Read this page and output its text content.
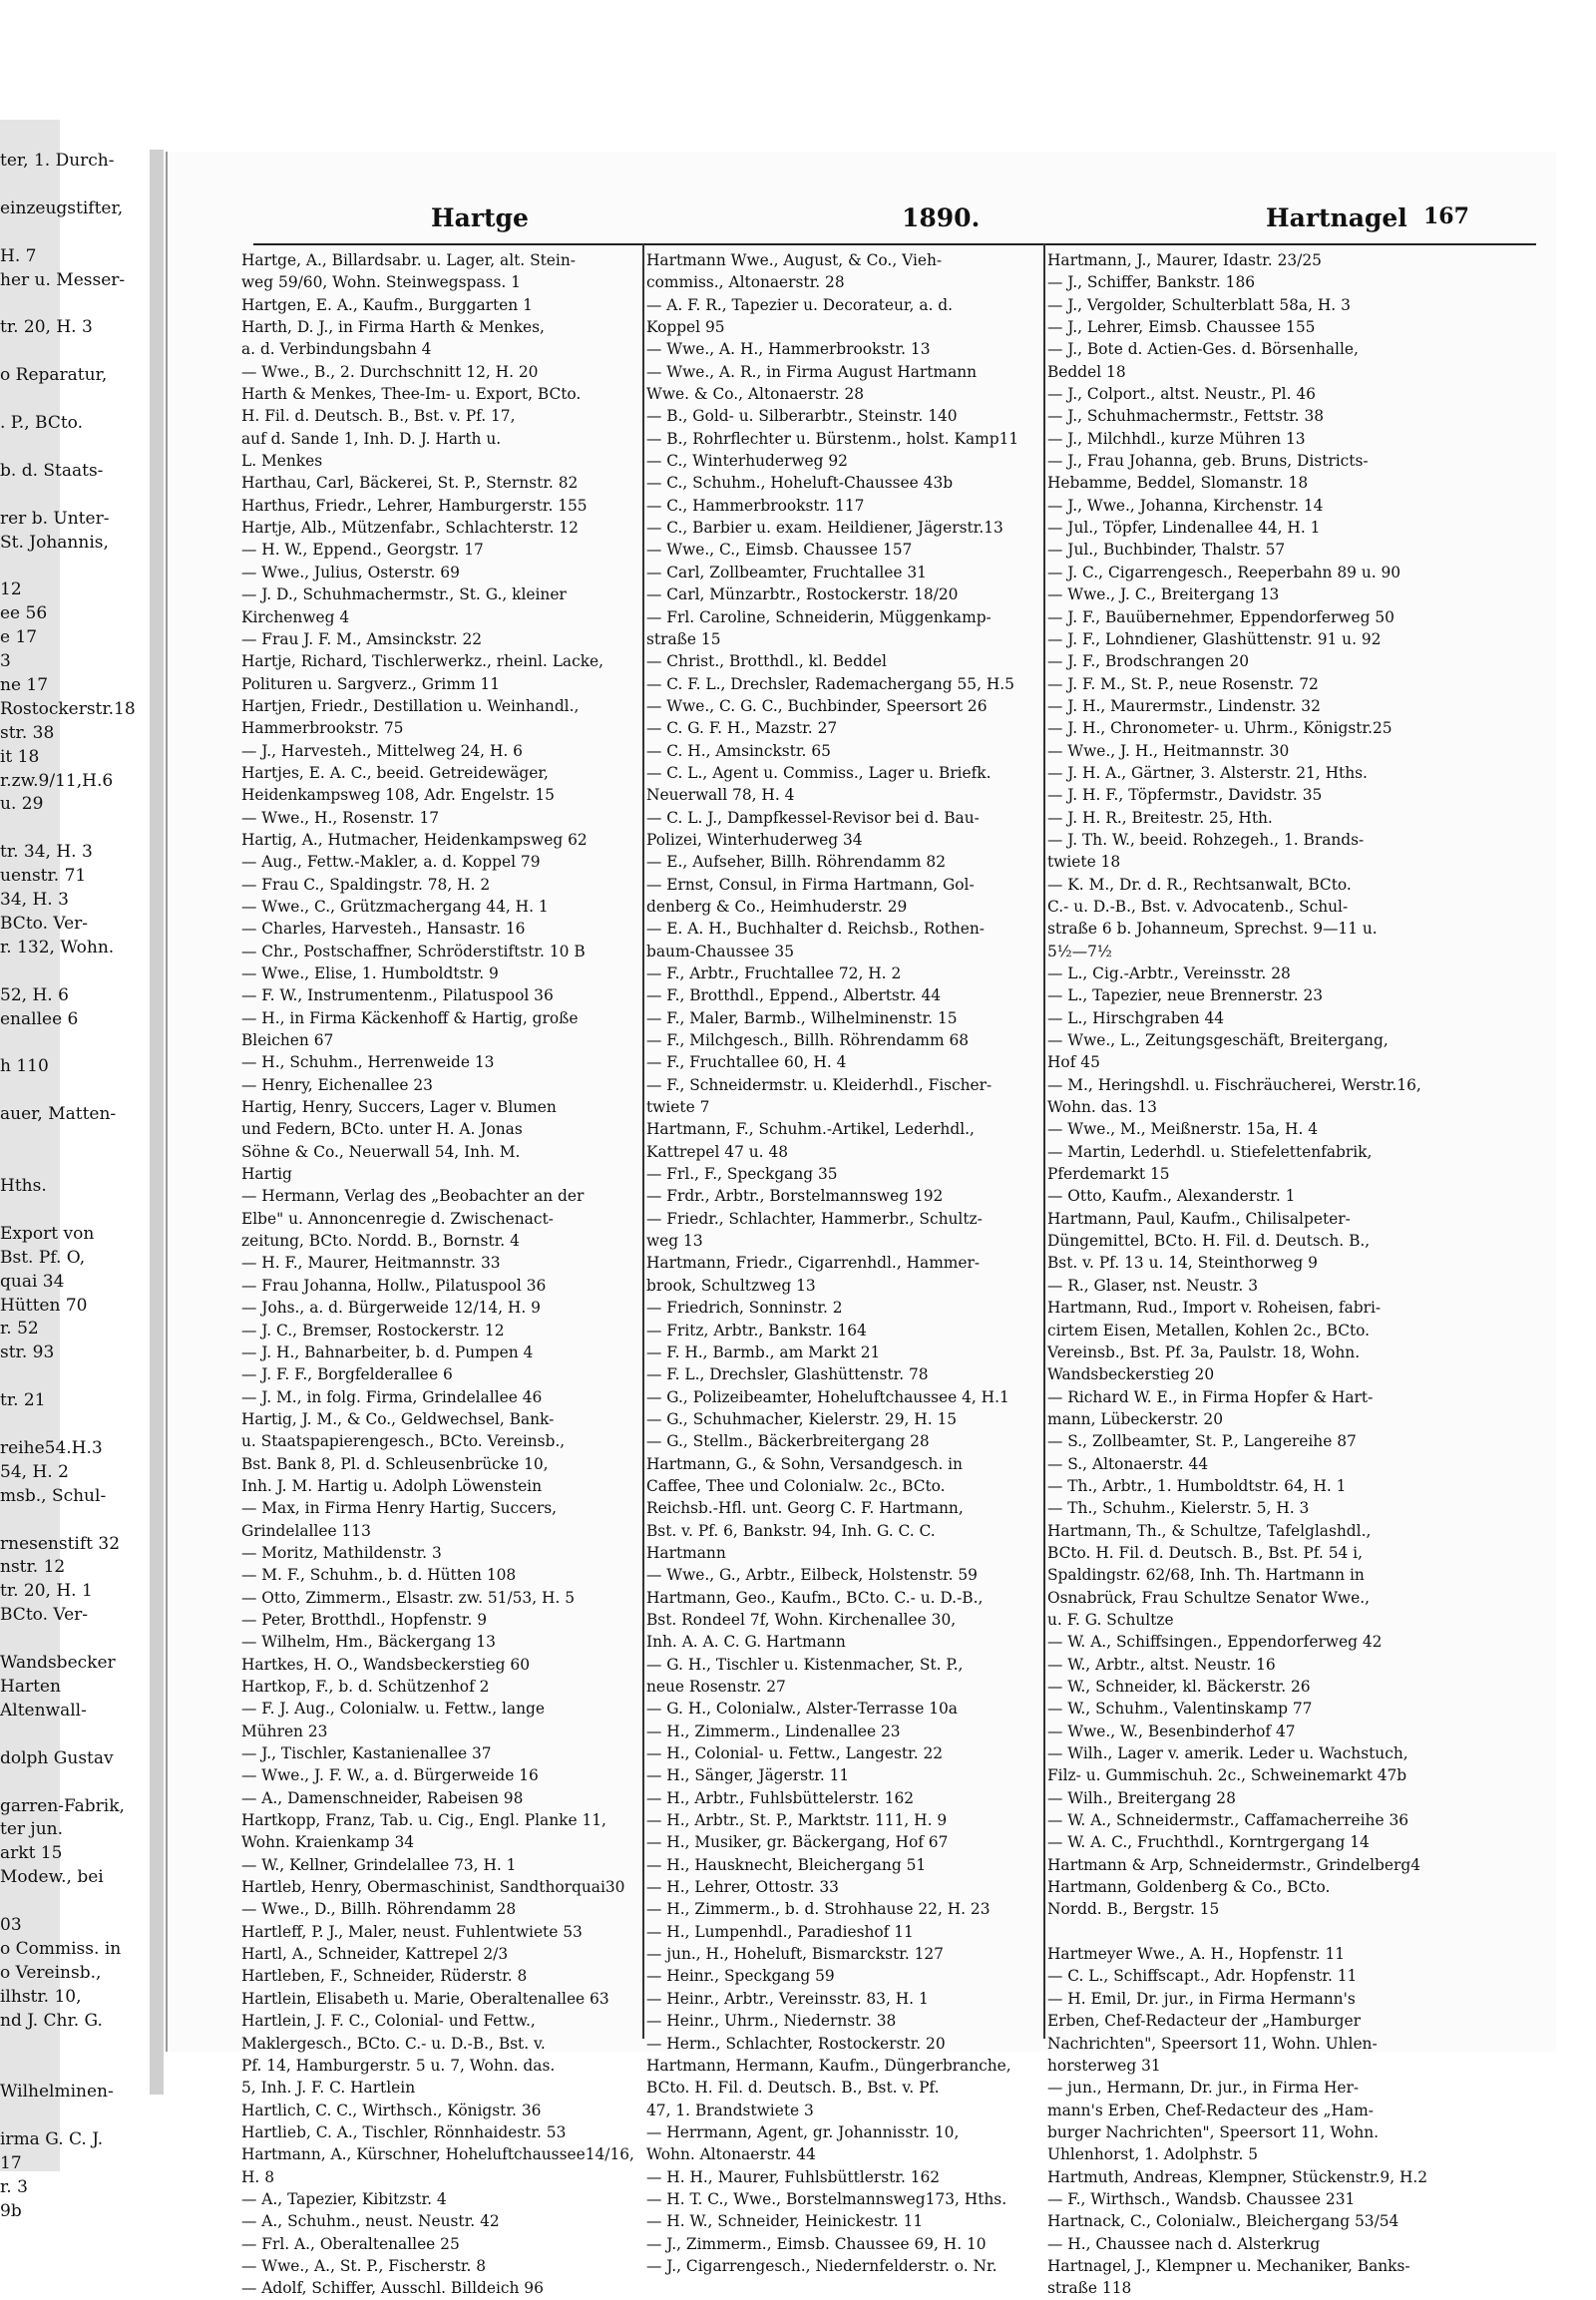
ter, 1. Durch-

einzeugstifter,

H. 7
her u. Messer-

tr. 20, H. 3

o Reparatur,

. P., BCto.

b. d. Staats-

rer b. Unter-
St. Johannis,

12
ee 56
e 17
3
ne 17
Rostockerstr.18
str. 38
it 18
r.zw.9/11,H.6
u. 29

tr. 34, H. 3
uenstr. 71
34, H. 3
BCto. Ver-
r. 132, Wohn.

52, H. 6
enallee 6

h 110

auer, Matten-

Hths.

Export von
Bst. Pf. O,
quai 34
Hütten 70
r. 52
str. 93

tr. 21

reihe54.H.3
54, H. 2
msb., Schul-

rnesenstift 32
nstr. 12
tr. 20, H. 1
BCto. Ver-

Wandsbecker
Harten
Altenwall-

dolph Gustav

garren-Fabrik,
ter jun.
arkt 15
Modew., bei

03
o Commiss. in
o Vereinsb.,
ilhstr. 10,
nd J. Chr. G.

Wilhelminen-

irma G. C. J.
17
r. 3
9b
Hartge	1890.	Hartnagel 167
Hartge, A., Billardsabr. u. Lager, alt. Stein-
weg 59/60, Wohn. Steinwegspass. 1
Hartgen, E. A., Kaufm., Burggarten 1
Harth, D. J., in Firma Harth & Menkes,
a. d. Verbindungsbahn 4
— Wwe., B., 2. Durchschnitt 12, H. 20
Harth & Menkes, Thee-Im- u. Export, BCto.
H. Fil. d. Deutsch. B., Bst. v. Pf. 17,
auf d. Sande 1, Inh. D. J. Harth u.
L. Menkes
Harthau, Carl, Bäckerei, St. P., Sternstr. 82
Harthus, Friedr., Lehrer, Hamburgerstr. 155
Hartje, Alb., Mützenfabr., Schlachterstr. 12
— H. W., Eppend., Georgstr. 17
— Wwe., Julius, Osterstr. 69
— J. D., Schuhmachermstr., St. G., kleiner
Kirchenweg 4
— Frau J. F. M., Amsinckstr. 22
Hartje, Richard, Tischlerwerkz., rheinl. Lacke,
Polituren u. Sargverz., Grimm 11
Hartjen, Friedr., Destillation u. Weinhandl.,
Hammerbrookstr. 75
— J., Harvestеh., Mittelweg 24, H. 6
Hartjes, E. A. C., beeid. Getreidewäger,
Heidenkampsweg 108, Adr. Engelstr. 15
— Wwe., H., Rosenstr. 17
Hartig, A., Hutmacher, Heidenkampsweg 62
— Aug., Fettw.-Makler, a. d. Koppel 79
— Frau C., Spaldingstr. 78, H. 2
— Wwe., C., Grützmachergang 44, H. 1
— Charles, Harvesteh., Hansastr. 16
— Chr., Postschaffner, Schröderstiftstr. 10 B
— Wwe., Elise, 1. Humboldtstr. 9
— F. W., Instrumentenm., Pilatuspool 36
— H., in Firma Käckenhoff & Hartig, große
Bleichen 67
— H., Schuhm., Herrenweide 13
— Henry, Eichenallee 23
Hartig, Henry, Succers, Lager v. Blumen
und Federn, BCto. unter H. A. Jonas
Söhne & Co., Neuerwall 54, Inh. M.
Hartig
— Hermann, Verlag des „Beobachter an der
Elbe" u. Annoncenregie d. Zwischenact-
zeitung, BCto. Nordd. B., Bornstr. 4
— H. F., Maurer, Heitmannstr. 33
— Frau Johanna, Hollw., Pilatuspool 36
— Johs., a. d. Bürgerweide 12/14, H. 9
— J. C., Bremser, Rostockerstr. 12
— J. H., Bahnarbeiter, b. d. Pumpen 4
— J. F. F., Borgfelderallee 6
— J. M., in folg. Firma, Grindelallee 46
Hartig, J. M., & Co., Geldwechsel, Bank-
u. Staatspapierengesch., BCto. Vereinsb.,
Bst. Bank 8, Pl. d. Schleusenbrücke 10,
Inh. J. M. Hartig u. Adolph Löwenstein
— Max, in Firma Henry Hartig, Succers,
Grindelallee 113
— Moritz, Mathildenstr. 3
— M. F., Schuhm., b. d. Hütten 108
— Otto, Zimmerm., Elsastr. zw. 51/53, H. 5
— Peter, Brotthdl., Hopfenstr. 9
— Wilhelm, Hm., Bäckergang 13
Hartkes, H. O., Wandsbeckerstieg 60
Hartkop, F., b. d. Schützenhof 2
— F. J. Aug., Colonialw. u. Fettw., lange
Mühren 23
— J., Tischler, Kastanienallee 37
— Wwe., J. F. W., a. d. Bürgerweide 16
— A., Damenschneider, Rabeisen 98
Hartkopp, Franz, Tab. u. Cig., Engl. Planke 11,
Wohn. Kraienkamp 34
— W., Kellner, Grindelallee 73, H. 1
Hartleb, Henry, Obermaschinist, Sandthorquai30
— Wwe., D., Billh. Röhrendamm 28
Hartleff, P. J., Maler, neust. Fuhlentwiete 53
Hartl, A., Schneider, Kattrepel 2/3
Hartleben, F., Schneider, Rüderstr. 8
Hartlein, Elisabeth u. Marie, Oberaltenallee 63
Hartlein, J. F. C., Colonial- und Fettw.,
Maklergesch., BCto. C.- u. D.-B., Bst. v.
Pf. 14, Hamburgerstr. 5 u. 7, Wohn. das.
5, Inh. J. F. C. Hartlein
Hartlich, C. C., Wirthsch., Königstr. 36
Hartlieb, C. A., Tischler, Rönnhaidestr. 53
Hartmann, A., Kürschner, Hoheluftchaussee14/16,
H. 8
— A., Tapezier, Kibitzstr. 4
— A., Schuhm., neust. Neustr. 42
— Frl. A., Oberaltenallee 25
— Wwe., A., St. P., Fischerstr. 8
— Adolf, Schiffer, Ausschl. Billdeich 96
Hartmann Wwe., August, & Co., Vieh-
commiss., Altonaerstr. 28
— A. F. R., Tapezier u. Decorateur, a. d.
Koppel 95
— Wwe., A. H., Hammerbrookstr. 13
— Wwe., A. R., in Firma August Hartmann
Wwe. & Co., Altonaerstr. 28
— B., Gold- u. Silberarbtr., Steinstr. 140
— B., Rohrflechter u. Bürstenm., holst. Kamp11
— C., Winterhuderweg 92
— C., Schuhm., Hoheluft-Chaussee 43b
— C., Hammerbrookstr. 117
— C., Barbier u. exam. Heildiener, Jägerstr.13
— Wwe., C., Eimsb. Chaussee 157
— Carl, Zollbeamter, Fruchtallee 31
— Carl, Münzarbtr., Rostockerstr. 18/20
— Frl. Caroline, Schneiderin, Müggenkamp-
straße 15
— Christ., Brotthdl., kl. Beddel
— C. F. L., Drechsler, Rademachergang 55, H.5
— Wwe., C. G. C., Buchbinder, Speersort 26
— C. G. F. H., Mazstr. 27
— C. H., Amsinckstr. 65
— C. L., Agent u. Commiss., Lager u. Briefk.
Neuerwall 78, H. 4
— C. L. J., Dampfkessel-Revisor bei d. Bau-
Polizei, Winterhuderweg 34
— E., Aufseher, Billh. Röhrendamm 82
— Ernst, Consul, in Firma Hartmann, Gol-
denberg & Co., Heimhuderstr. 29
— E. A. H., Buchhalter d. Reichsb., Rothen-
baum-Chaussee 35
— F., Arbtr., Fruchtallee 72, H. 2
— F., Brotthdl., Eppend., Albertstr. 44
— F., Maler, Barmb., Wilhelminenstr. 15
— F., Milchgesch., Billh. Röhrendamm 68
— F., Fruchtallee 60, H. 4
— F., Schneidermstr. u. Kleiderhdl., Fischer-
twiete 7
Hartmann, F., Schuhm.-Artikel, Lederhdl.,
Kattrepel 47 u. 48
— Frl., F., Speckgang 35
— Frdr., Arbtr., Borstelmannsweg 192
— Friedr., Schlachter, Hammerbr., Schultz-
weg 13
Hartmann, Friedr., Cigarrenhdl., Hammer-
brook, Schultzweg 13
— Friedrich, Sonninstr. 2
— Fritz, Arbtr., Bankstr. 164
— F. H., Barmb., am Markt 21
— F. L., Drechsler, Glashüttenstr. 78
— G., Polizeibeamter, Hoheluftchaussee 4, H.1
— G., Schuhmacher, Kielerstr. 29, H. 15
— G., Stellm., Bäckerbreitergang 28
Hartmann, G., & Sohn, Versandgesch. in
Caffee, Thee und Colonialw. 2c., BCto.
Reichsb.-Hfl. unt. Georg C. F. Hartmann,
Bst. v. Pf. 6, Bankstr. 94, Inh. G. C. C.
Hartmann
— Wwe., G., Arbtr., Eilbeck, Holstenstr. 59
Hartmann, Geo., Kaufm., BCto. C.- u. D.-B.,
Bst. Rondeel 7f, Wohn. Kirchenallee 30,
Inh. A. A. C. G. Hartmann
— G. H., Tischler u. Kistenmacher, St. P.,
neue Rosenstr. 27
— G. H., Colonialw., Alster-Terrasse 10a
— H., Zimmerm., Lindenallee 23
— H., Colonial- u. Fettw., Langestr. 22
— H., Sänger, Jägerstr. 11
— H., Arbtr., Fuhlsbüttelerstr. 162
— H., Arbtr., St. P., Marktstr. 111, H. 9
— H., Musiker, gr. Bäckergang, Hof 67
— H., Hausknecht, Bleichergang 51
— H., Lehrer, Ottostr. 33
— H., Zimmerm., b. d. Strohhause 22, H. 23
— H., Lumpenhdl., Paradieshof 11
— jun., H., Hoheluft, Bismarckstr. 127
— Heinr., Speckgang 59
— Heinr., Arbtr., Vereinsstr. 83, H. 1
— Heinr., Uhrm., Niedernstr. 38
— Herm., Schlachter, Rostockerstr. 20
Hartmann, Hermann, Kaufm., Düngerbranche,
BCto. H. Fil. d. Deutsch. B., Bst. v. Pf.
47, 1. Brandstwiete 3
— Herrmann, Agent, gr. Johannisstr. 10,
Wohn. Altonaerstr. 44
— H. H., Maurer, Fuhlsbüttlerstr. 162
— H. T. C., Wwe., Borstelmannsweg173, Hths.
— H. W., Schneider, Heinickestr. 11
— J., Zimmerm., Eimsb. Chaussee 69, H. 10
— J., Cigarrengesch., Niedernfelderstr. o. Nr.
Hartmann, J., Maurer, Idastr. 23/25
— J., Schiffer, Bankstr. 186
— J., Vergolder, Schulterblatt 58a, H. 3
— J., Lehrer, Eimsb. Chaussee 155
— J., Bote d. Actien-Ges. d. Börsenhalle,
Beddel 18
— J., Colport., altst. Neustr., Pl. 46
— J., Schuhmachermstr., Fettstr. 38
— J., Milchhdl., kurze Mühren 13
— J., Frau Johanna, geb. Bruns, Districts-
Hebamme, Beddel, Slomanstr. 18
— J., Wwe., Johanna, Kirchenstr. 14
— Jul., Töpfer, Lindenallee 44, H. 1
— Jul., Buchbinder, Thalstr. 57
— J. C., Cigarrengesch., Reeperbahn 89 u. 90
— Wwe., J. C., Breitergang 13
— J. F., Bauübernehmer, Eppendorferweg 50
— J. F., Lohndiener, Glashüttenstr. 91 u. 92
— J. F., Brodschrangen 20
— J. F. M., St. P., neue Rosenstr. 72
— J. H., Maurermstr., Lindenstr. 32
— J. H., Chronometer- u. Uhrm., Königstr.25
— Wwe., J. H., Heitmannstr. 30
— J. H. A., Gärtner, 3. Alsterstr. 21, Hths.
— J. H. F., Töpfermstr., Davidstr. 35
— J. H. R., Breitestr. 25, Hth.
— J. Th. W., beeid. Rohzegeh., 1. Brands-
twiete 18
— K. M., Dr. d. R., Rechtsanwalt, BCto.
C.- u. D.-B., Bst. v. Advocatenb., Schul-
straße 6 b. Johanneum, Sprechst. 9—11 u.
5½—7½
— L., Cig.-Arbtr., Vereinsstr. 28
— L., Tapezier, neue Brennerstr. 23
— L., Hirschgraben 44
— Wwe., L., Zeitungsgeschäft, Breitergang,
Hof 45
— M., Heringshdl. u. Fischräucherei, Werstr.16,
Wohn. das. 13
— Wwe., M., Meißnerstr. 15a, H. 4
— Martin, Lederhdl. u. Stiefelettenfabrik,
Pferdemarkt 15
— Otto, Kaufm., Alexanderstr. 1
Hartmann, Paul, Kaufm., Chilisalpeter-
Düngemittel, BCto. H. Fil. d. Deutsch. B.,
Bst. v. Pf. 13 u. 14, Steinthorweg 9
— R., Glaser, nst. Neustr. 3
Hartmann, Rud., Import v. Roheisen, fabri-
cirtem Eisen, Metallen, Kohlen 2c., BCto.
Vereinsb., Bst. Pf. 3a, Paulstr. 18, Wohn.
Wandsbeckerstieg 20
— Richard W. E., in Firma Hopfer & Hart-
mann, Lübeckerstr. 20
— S., Zollbeamter, St. P., Langereihe 87
— S., Altonaerstr. 44
— Th., Arbtr., 1. Humboldtstr. 64, H. 1
— Th., Schuhm., Kielerstr. 5, H. 3
Hartmann, Th., & Schultze, Tafelglashdl.,
BCto. H. Fil. d. Deutsch. B., Bst. Pf. 54 i,
Spaldingstr. 62/68, Inh. Th. Hartmann in
Osnabrück, Frau Schultze Senator Wwe.,
u. F. G. Schultze
— W. A., Schiffsingen., Eppendorferweg 42
— W., Arbtr., altst. Neustr. 16
— W., Schneider, kl. Bäckerstr. 26
— W., Schuhm., Valentinskamp 77
— Wwe., W., Besenbinderhof 47
— Wilh., Lager v. amerik. Leder u. Wachstuch,
Filz- u. Gummischuh. 2c., Schweinemarkt 47b
— Wilh., Breitergang 28
— W. A., Schneidermstr., Caffamacherreihe 36
— W. A. C., Fruchthdl., Korntrgergang 14
Hartmann & Arp, Schneidermstr., Grindelberg4
Hartmann, Goldenberg & Co., BCto.
Nordd. B., Bergstr. 15
Hartmeyer Wwe., A. H., Hopfenstr. 11
— C. L., Schiffscapt., Adr. Hopfenstr. 11
— H. Emil, Dr. jur., in Firma Hermann's
Erben, Chef-Redacteur der „Hamburger
Nachrichten", Speersort 11, Wohn. Uhlen-
horsterweg 31
— jun., Hermann, Dr. jur., in Firma Her-
mann's Erben, Chef-Redacteur des „Ham-
burger Nachrichten", Speersort 11, Wohn.
Uhlenhorst, 1. Adolphstr. 5
Hartmuth, Andreas, Klempner, Stückenstr.9, H.2
— F., Wirthsch., Wandsb. Chaussee 231
Hartnack, C., Colonialw., Bleichergang 53/54
— H., Chaussee nach d. Alsterkrug
Hartnagel, J., Klempner u. Mechaniker, Banks-
straße 118
